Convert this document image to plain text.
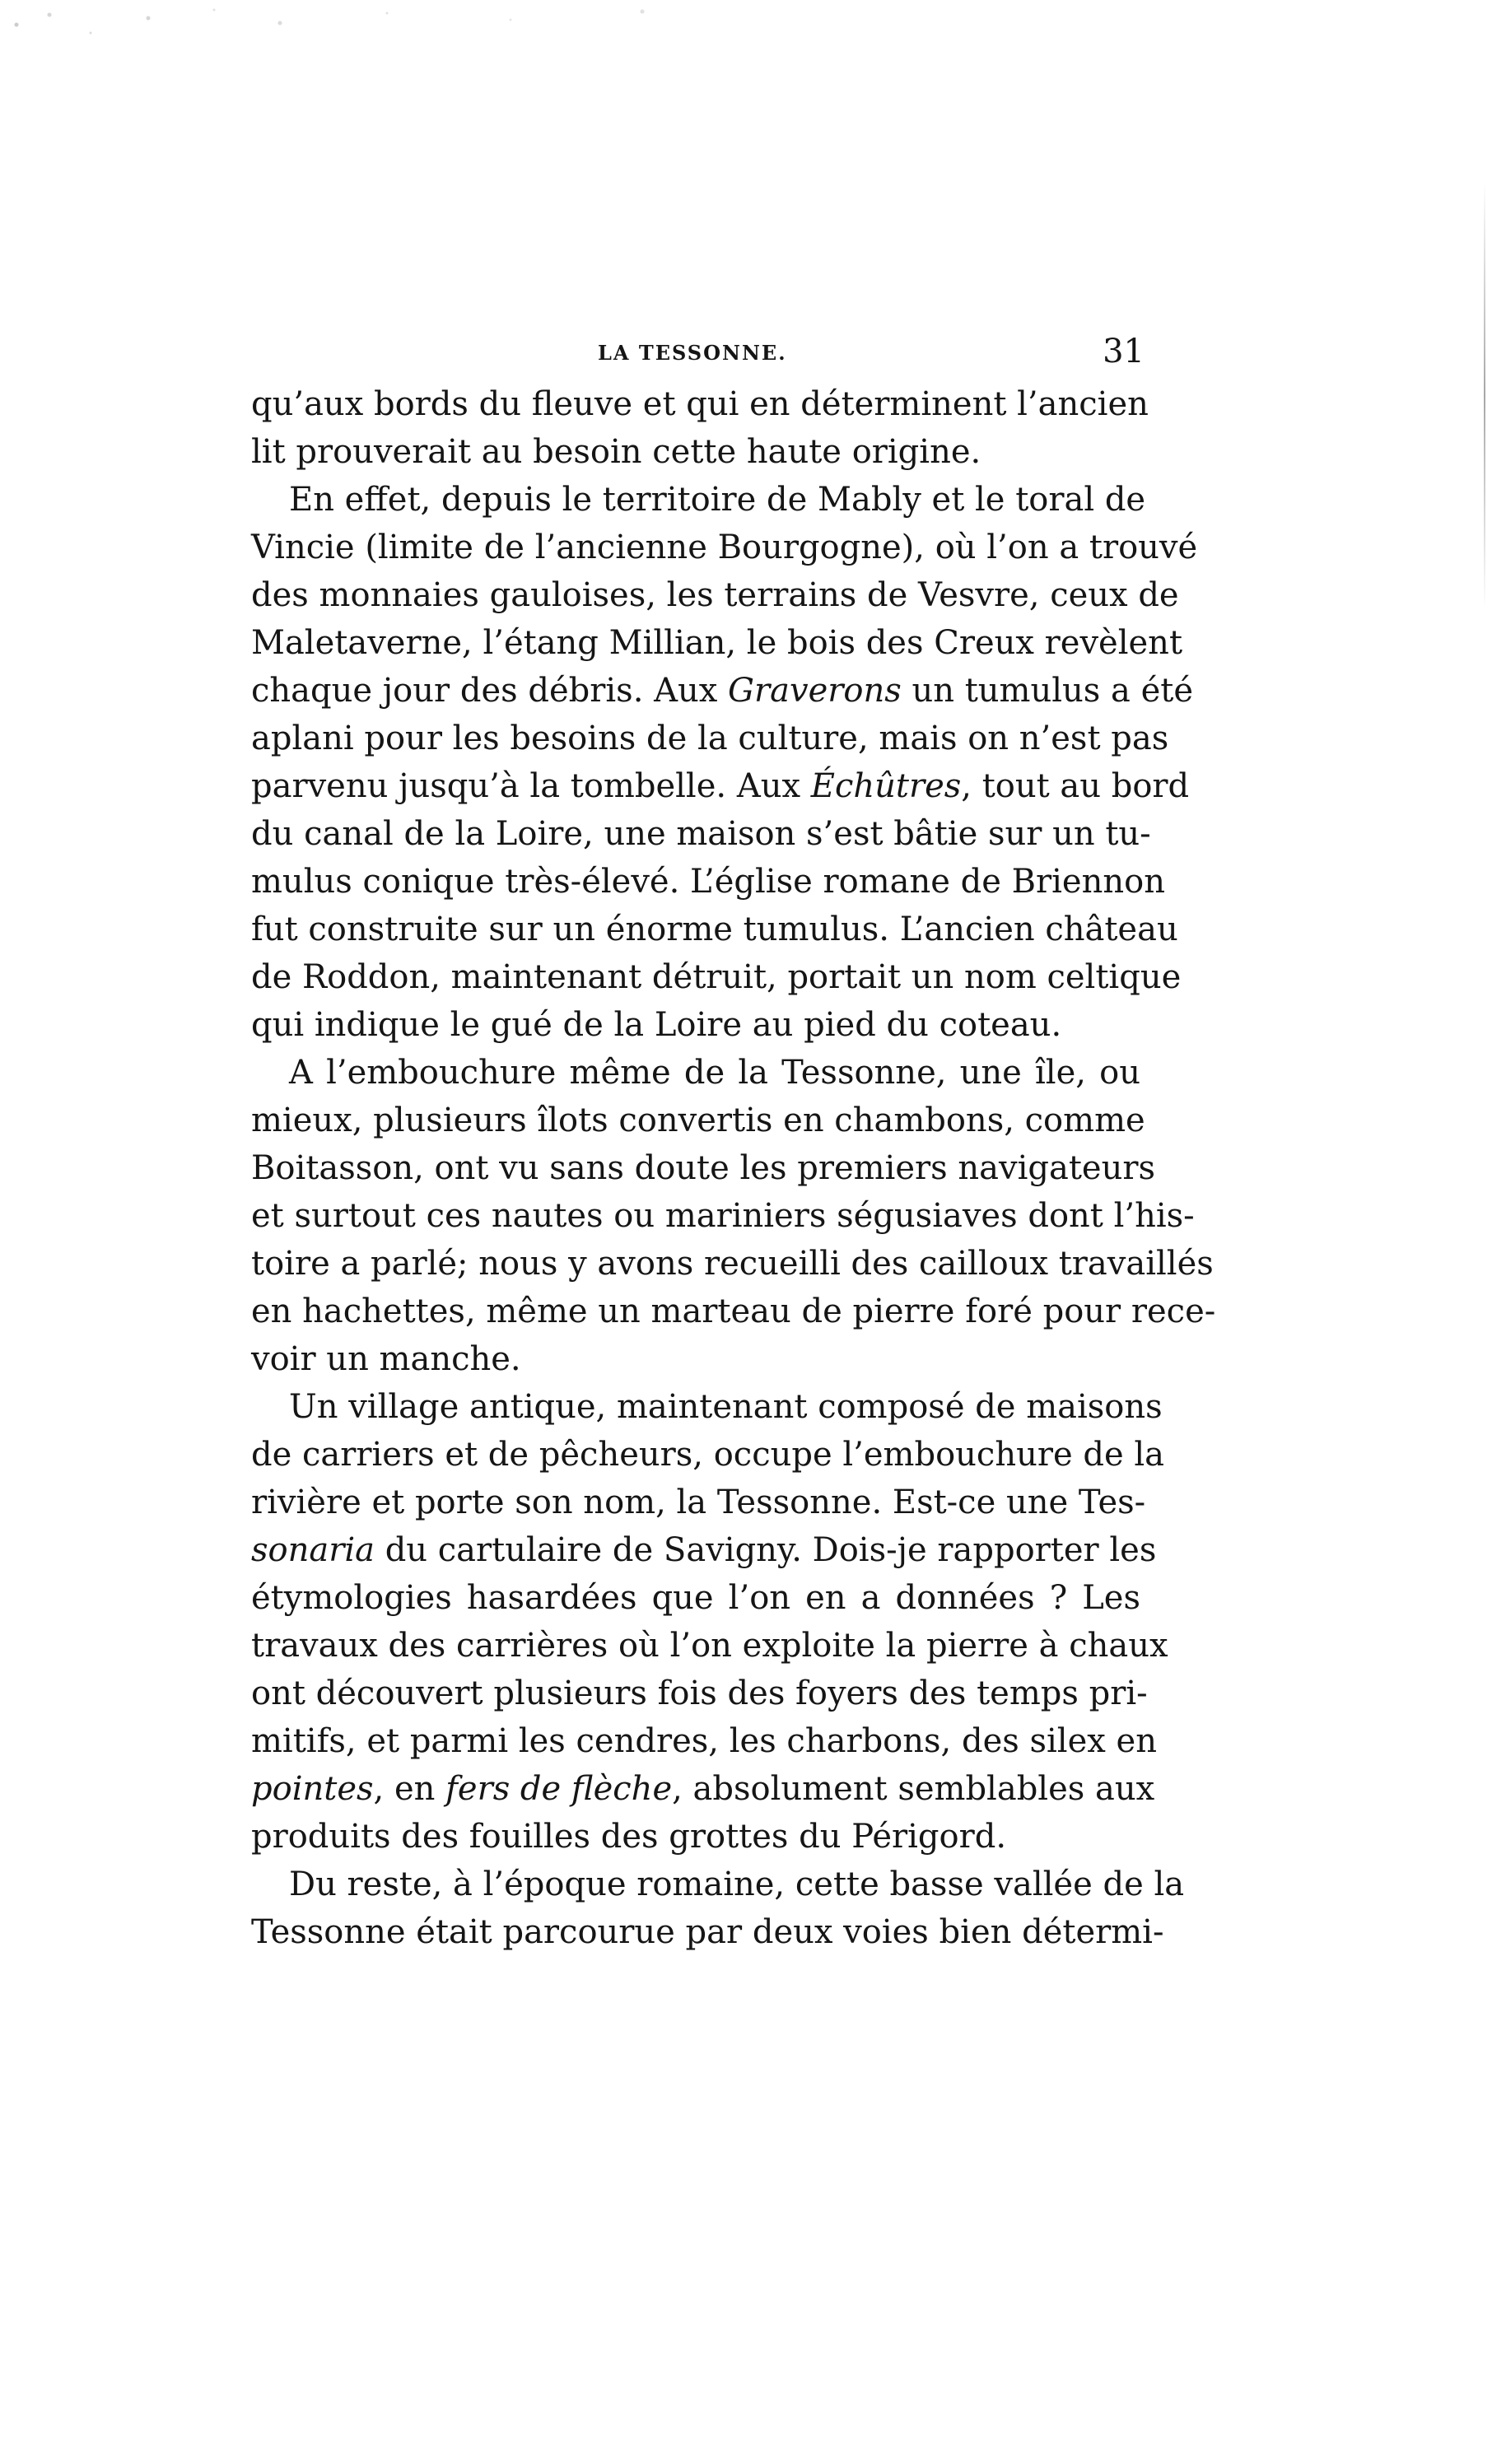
LA TESSONNE.	31
qu’aux bords du fleuve et qui en déterminent l’ancien
lit prouverait au besoin cette haute origine.
En effet, depuis le territoire de Mably et le toral de
Vincie (limite de l’ancienne Bourgogne), où l’on a trouvé
des monnaies gauloises, les terrains de Vesvre, ceux de
Maletaverne, l’étang Millian, le bois des Creux revèlent
chaque jour des débris. Aux Graverons un tumulus a été
aplani pour les besoins de la culture, mais on n’est pas
parvenu jusqu’à la tombelle. Aux Échûtres, tout au bord
du canal de la Loire, une maison s’est bâtie sur un tu-
mulus conique très-élevé. L’église romane de Briennon
fut construite sur un énorme tumulus. L’ancien château
de Roddon, maintenant détruit, portait un nom celtique
qui indique le gué de la Loire au pied du coteau.
A l’embouchure même de la Tessonne, une île, ou
mieux, plusieurs îlots convertis en chambons, comme
Boitasson, ont vu sans doute les premiers navigateurs
et surtout ces nautes ou mariniers ségusiaves dont l’his-
toire a parlé; nous y avons recueilli des cailloux travaillés
en hachettes, même un marteau de pierre foré pour rece-
voir un manche.
Un village antique, maintenant composé de maisons
de carriers et de pêcheurs, occupe l’embouchure de la
rivière et porte son nom, la Tessonne. Est-ce une Tes-
sonaria du cartulaire de Savigny. Dois-je rapporter les
étymologies hasardées que l’on en a données ? Les
travaux des carrières où l’on exploite la pierre à chaux
ont découvert plusieurs fois des foyers des temps pri-
mitifs, et parmi les cendres, les charbons, des silex en
pointes, en fers de flèche, absolument semblables aux
produits des fouilles des grottes du Périgord.
Du reste, à l’époque romaine, cette basse vallée de la
Tessonne était parcourue par deux voies bien détermi-
